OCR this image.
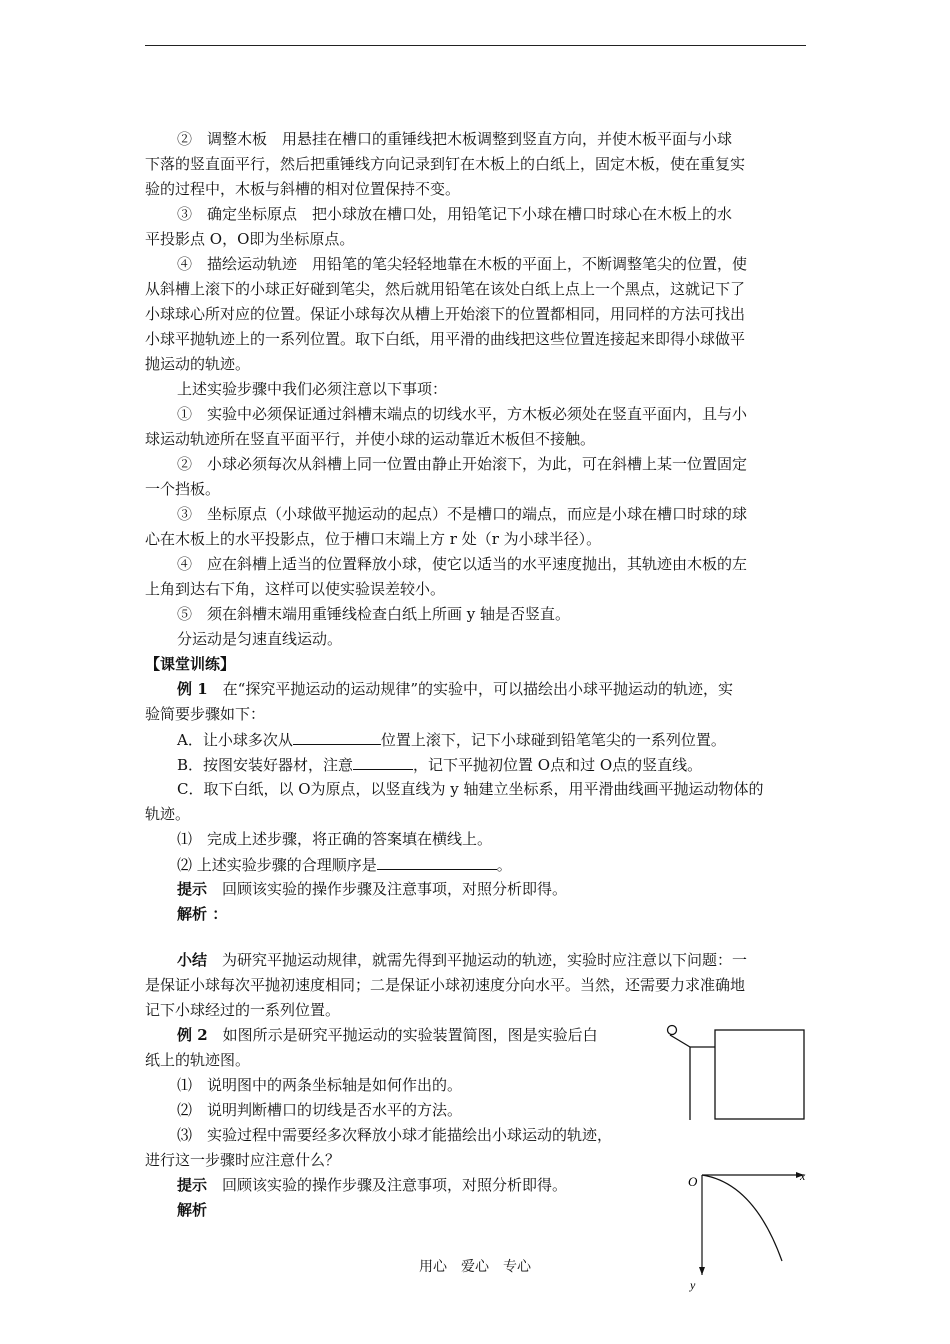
②　调整木板　用悬挂在槽口的重锤线把木板调整到竖直方向，并使木板平面与小球
下落的竖直面平行，然后把重锤线方向记录到钉在木板上的白纸上，固定木板，使在重复实
验的过程中，木板与斜槽的相对位置保持不变。
③　确定坐标原点　把小球放在槽口处，用铅笔记下小球在槽口时球心在木板上的水
平投影点 O，O即为坐标原点。
④　描绘运动轨迹　用铅笔的笔尖轻轻地靠在木板的平面上，不断调整笔尖的位置，使
从斜槽上滚下的小球正好碰到笔尖，然后就用铅笔在该处白纸上点上一个黑点，这就记下了
小球球心所对应的位置。保证小球每次从槽上开始滚下的位置都相同，用同样的方法可找出
小球平抛轨迹上的一系列位置。取下白纸，用平滑的曲线把这些位置连接起来即得小球做平
抛运动的轨迹。
上述实验步骤中我们必须注意以下事项：
①　实验中必须保证通过斜槽末端点的切线水平，方木板必须处在竖直平面内，且与小
球运动轨迹所在竖直平面平行，并使小球的运动靠近木板但不接触。
②　小球必须每次从斜槽上同一位置由静止开始滚下，为此，可在斜槽上某一位置固定
一个挡板。
③　坐标原点（小球做平抛运动的起点）不是槽口的端点，而应是小球在槽口时球的球
心在木板上的水平投影点，位于槽口末端上方 r 处（r 为小球半径）。
④　应在斜槽上适当的位置释放小球，使它以适当的水平速度抛出，其轨迹由木板的左
上角到达右下角，这样可以使实验误差较小。
⑤　须在斜槽末端用重锤线检查白纸上所画 y 轴是否竖直。
分运动是匀速直线运动。
【课堂训练】
例 1　在“探究平抛运动的运动规律”的实验中，可以描绘出小球平抛运动的轨迹，实
验简要步骤如下：
A．让小球多次从	位置上滚下，记下小球碰到铅笔笔尖的一系列位置。
B．按图安装好器材，注意	，记下平抛初位置 O点和过 O点的竖直线。
C．取下白纸，以 O为原点，以竖直线为 y 轴建立坐标系，用平滑曲线画平抛运动物体的
轨迹。
⑴　完成上述步骤，将正确的答案填在横线上。
⑵ 上述实验步骤的合理顺序是	。
提示　回顾该实验的操作步骤及注意事项，对照分析即得。
解析 ：
小结　为研究平抛运动规律，就需先得到平抛运动的轨迹，实验时应注意以下问题：一
是保证小球每次平抛初速度相同；二是保证小球初速度分向水平。当然，还需要力求准确地
记下小球经过的一系列位置。
例 2　如图所示是研究平抛运动的实验装置简图，图是实验后白
纸上的轨迹图。
⑴　说明图中的两条坐标轴是如何作出的。
⑵　说明判断槽口的切线是否水平的方法。
⑶　实验过程中需要经多次释放小球才能描绘出小球运动的轨迹，
进行这一步骤时应注意什么？
提示　回顾该实验的操作步骤及注意事项，对照分析即得。
解析
O	x
y
用心　爱心　专心
